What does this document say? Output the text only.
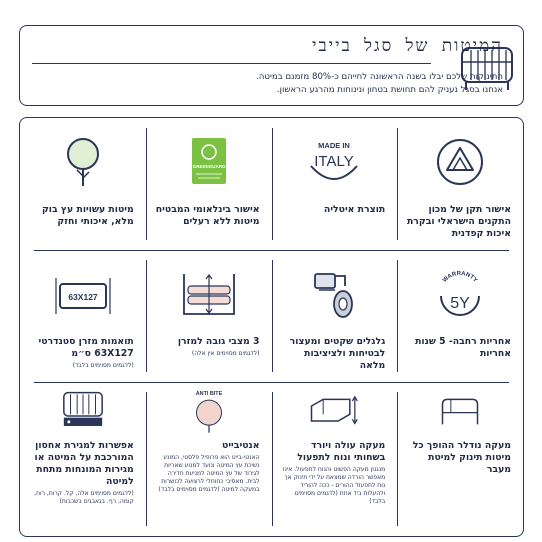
המיטות של סגל בייבי
התינוקות שלכם יבלו בשנה הראשונה לחייהם כ-80% מזמנם במיטה.
אנחנו בסגל נעניק להם תחושת בטחון ונינוחות מהרגע הראשון.
אישור תקן של מכון התקנים הישראלי ובקרת איכות קפדנית
MADE IN
ITALY
תוצרת איטליה
GREENGUARD
אישור בינלאומי המבטיח מיטות ללא רעלים
מיטות עשויות עץ בוק מלא, איכותי וחזק
WARRANTY
5Y
אחריות רחבה- 5 שנות אחריות
גלגלים שקטים ומעצור לבטיחות ולציציבות מלאה
3 מצבי גובה למזרן
(לדגמים מסוימים אין אלה)
63X127
תואמות מזרן סטנדרטי 63X127 ס״מ
(לדגמים מסוימים בלבד)
מעקה נודלר ההופך כל מיטות תינוק למיטת מעבר
מעקה עולה ויורד בשחותי ונוח לתפעול
מנגנון מעקה הפשוט והנוח לתפעול. אינו מאפשר הורדה שמצאת על ידי תינוק אך נוח לתפעול ההורים - ככה להוריד ולהעלות ביד אחת (לדגמים מסוימים בלבד)
ANTI BITE
אנטיבייט
האנטי-בייט הוא פרופיל פלסטי, המונע נשיכת עץ המיטה ונועד למנוע שאריות לגירוד של עץ המיטה למניעת חדירה לבית. מאסיבי כחוחלי לרצועה לכושרות במעקה למיטה (לדגמים מסוימים בלבד)
אפשרות למגירת אחסון המורכבת על המיטה או מגירות המונחות מתחת למיטה
(לדגמים מסוימים אלה, קל. קרות, רוח, קומה, רף. בגאבגים בשכבות)
